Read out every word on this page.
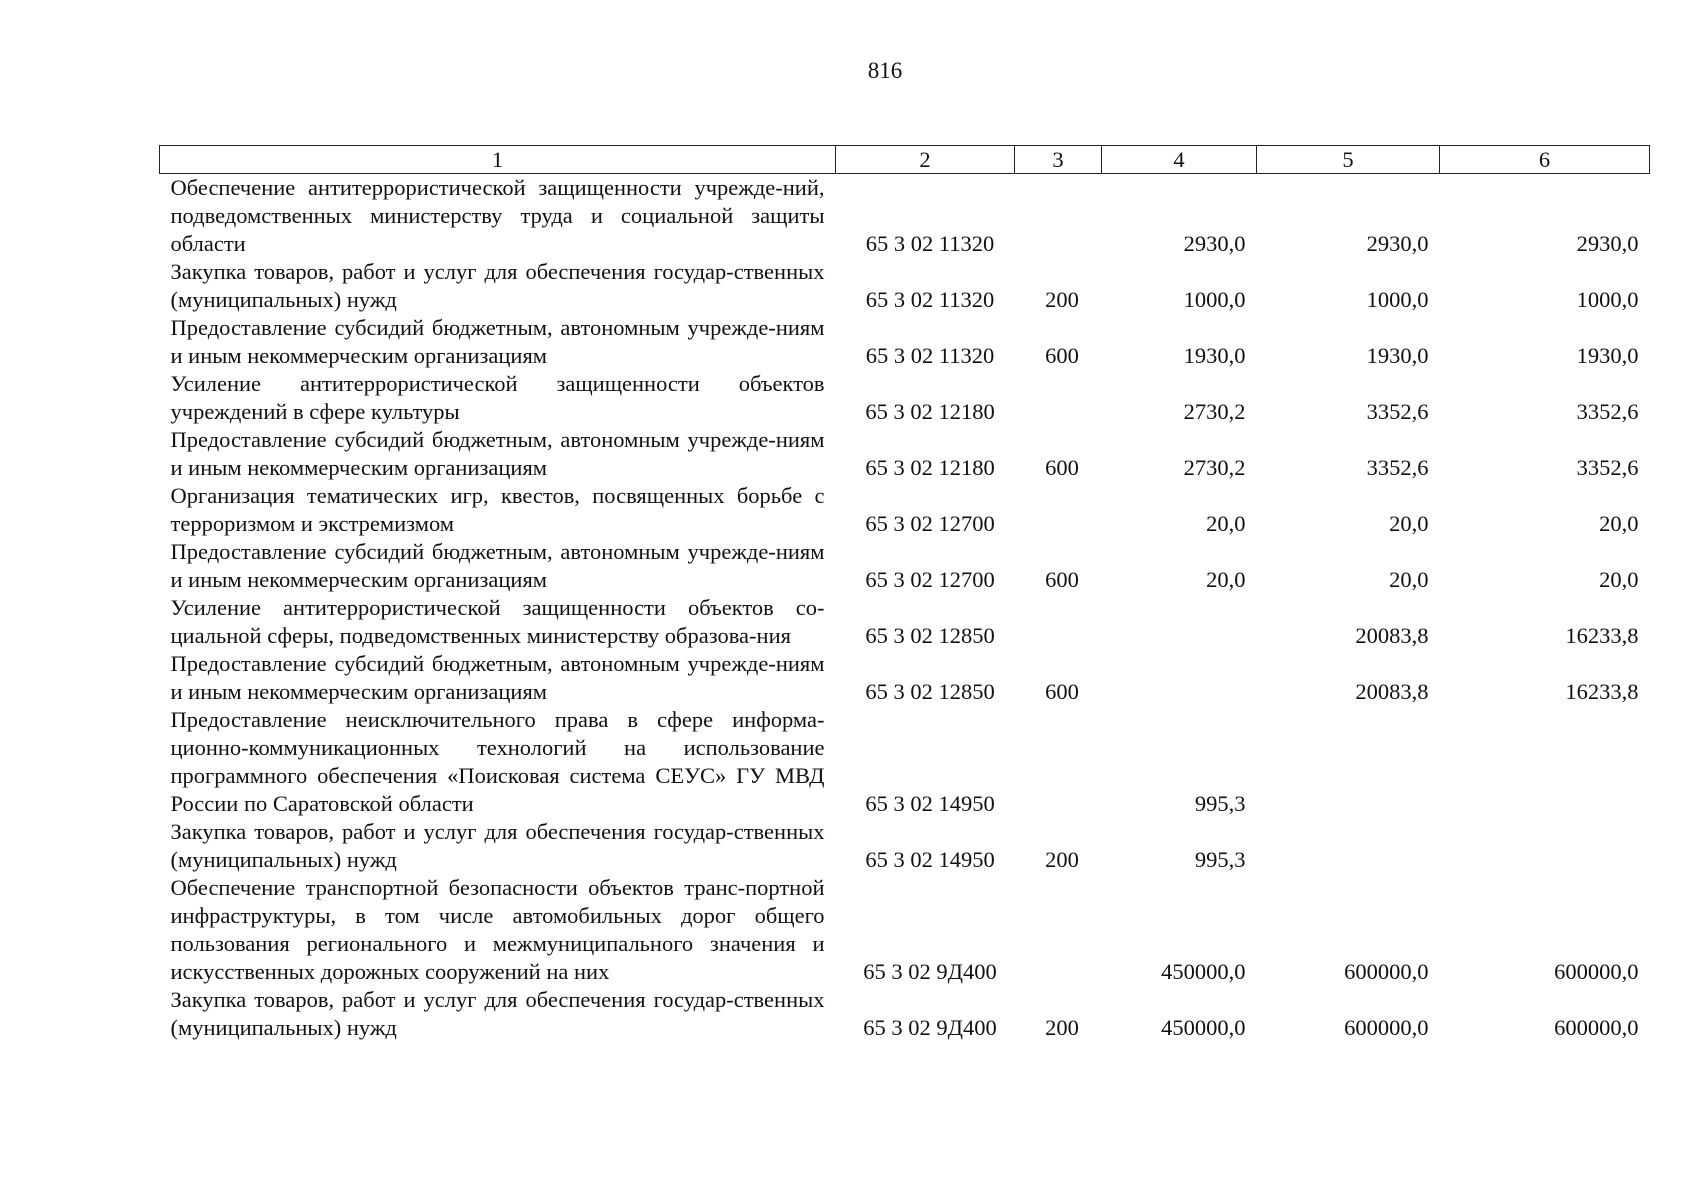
816
1	2	3	4	5	6
Обеспечение антитеррористической защищенности учрежде-ний, подведомственных министерству труда и социальной защиты области	65 3 02 11320		2930,0	2930,0	2930,0
Закупка товаров, работ и услуг для обеспечения государ-ственных (муниципальных) нужд	65 3 02 11320	200	1000,0	1000,0	1000,0
Предоставление субсидий бюджетным, автономным учрежде-ниям и иным некоммерческим организациям	65 3 02 11320	600	1930,0	1930,0	1930,0
Усиление антитеррористической защищенности объектов учреждений в сфере культуры	65 3 02 12180		2730,2	3352,6	3352,6
Предоставление субсидий бюджетным, автономным учрежде-ниям и иным некоммерческим организациям	65 3 02 12180	600	2730,2	3352,6	3352,6
Организация тематических игр, квестов, посвященных борьбе с терроризмом и экстремизмом	65 3 02 12700		20,0	20,0	20,0
Предоставление субсидий бюджетным, автономным учрежде-ниям и иным некоммерческим организациям	65 3 02 12700	600	20,0	20,0	20,0
Усиление антитеррористической защищенности объектов со-циальной сферы, подведомственных министерству образова-ния	65 3 02 12850			20083,8	16233,8
Предоставление субсидий бюджетным, автономным учрежде-ниям и иным некоммерческим организациям	65 3 02 12850	600		20083,8	16233,8
Предоставление неисключительного права в сфере информа-ционно-коммуникационных технологий на использование программного обеспечения «Поисковая система СЕУС» ГУ МВД России по Саратовской области	65 3 02 14950		995,3		
Закупка товаров, работ и услуг для обеспечения государ-ственных (муниципальных) нужд	65 3 02 14950	200	995,3		
Обеспечение транспортной безопасности объектов транс-портной инфраструктуры, в том числе автомобильных дорог общего пользования регионального и межмуниципального значения и искусственных дорожных сооружений на них	65 3 02 9Д400		450000,0	600000,0	600000,0
Закупка товаров, работ и услуг для обеспечения государ-ственных (муниципальных) нужд	65 3 02 9Д400	200	450000,0	600000,0	600000,0
